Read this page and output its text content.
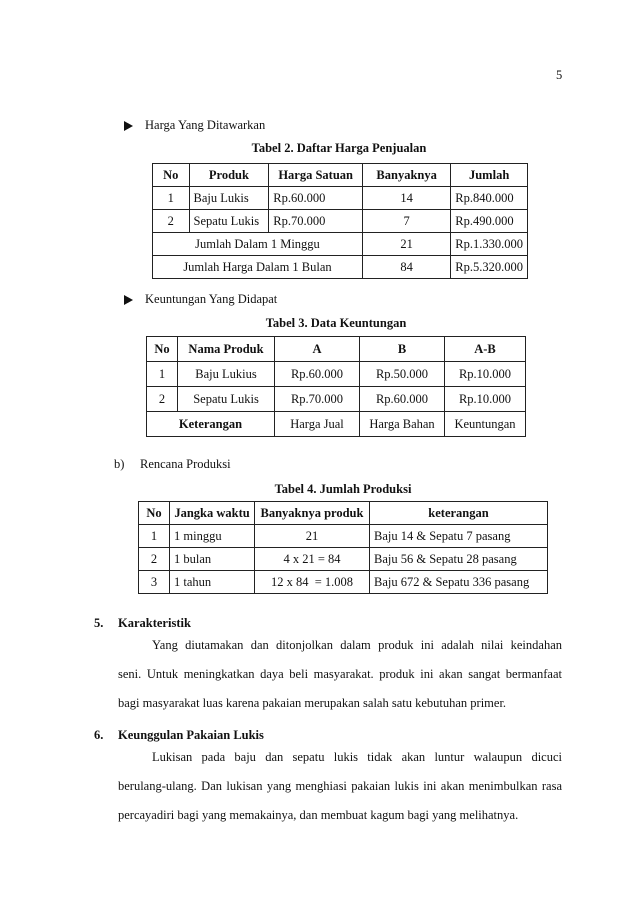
5
Harga Yang Ditawarkan
Tabel 2. Daftar Harga Penjualan
No	Produk	Harga Satuan	Banyaknya	Jumlah
1	Baju Lukis	Rp.60.000	14	Rp.840.000
2	Sepatu Lukis	Rp.70.000	7	Rp.490.000
Jumlah Dalam 1 Minggu			21	Rp.1.330.000
Jumlah Harga Dalam 1 Bulan			84	Rp.5.320.000
Keuntungan Yang Didapat
Tabel 3. Data Keuntungan
No	Nama Produk	A	B	A-B
1	Baju Lukius	Rp.60.000	Rp.50.000	Rp.10.000
2	Sepatu Lukis	Rp.70.000	Rp.60.000	Rp.10.000
Keterangan		Harga Jual	Harga Bahan	Keuntungan
b) Rencana Produksi
Tabel 4. Jumlah Produksi
No	Jangka waktu	Banyaknya produk	keterangan
1	1 minggu	21	Baju 14 & Sepatu 7 pasang
2	1 bulan	4 x 21 = 84	Baju 56 & Sepatu 28 pasang
3	1 tahun	12 x 84  = 1.008	Baju 672 & Sepatu 336 pasang
5. Karakteristik
Yang diutamakan dan ditonjolkan dalam produk ini adalah nilai keindahan
seni. Untuk meningkatkan daya beli masyarakat. produk ini akan sangat bermanfaat
bagi masyarakat luas karena pakaian merupakan salah satu kebutuhan primer.
6. Keunggulan Pakaian Lukis
Lukisan pada baju dan sepatu lukis tidak akan luntur walaupun dicuci
berulang-ulang. Dan lukisan yang menghiasi pakaian lukis ini akan menimbulkan rasa
percayadiri bagi yang memakainya, dan membuat kagum bagi yang melihatnya.
